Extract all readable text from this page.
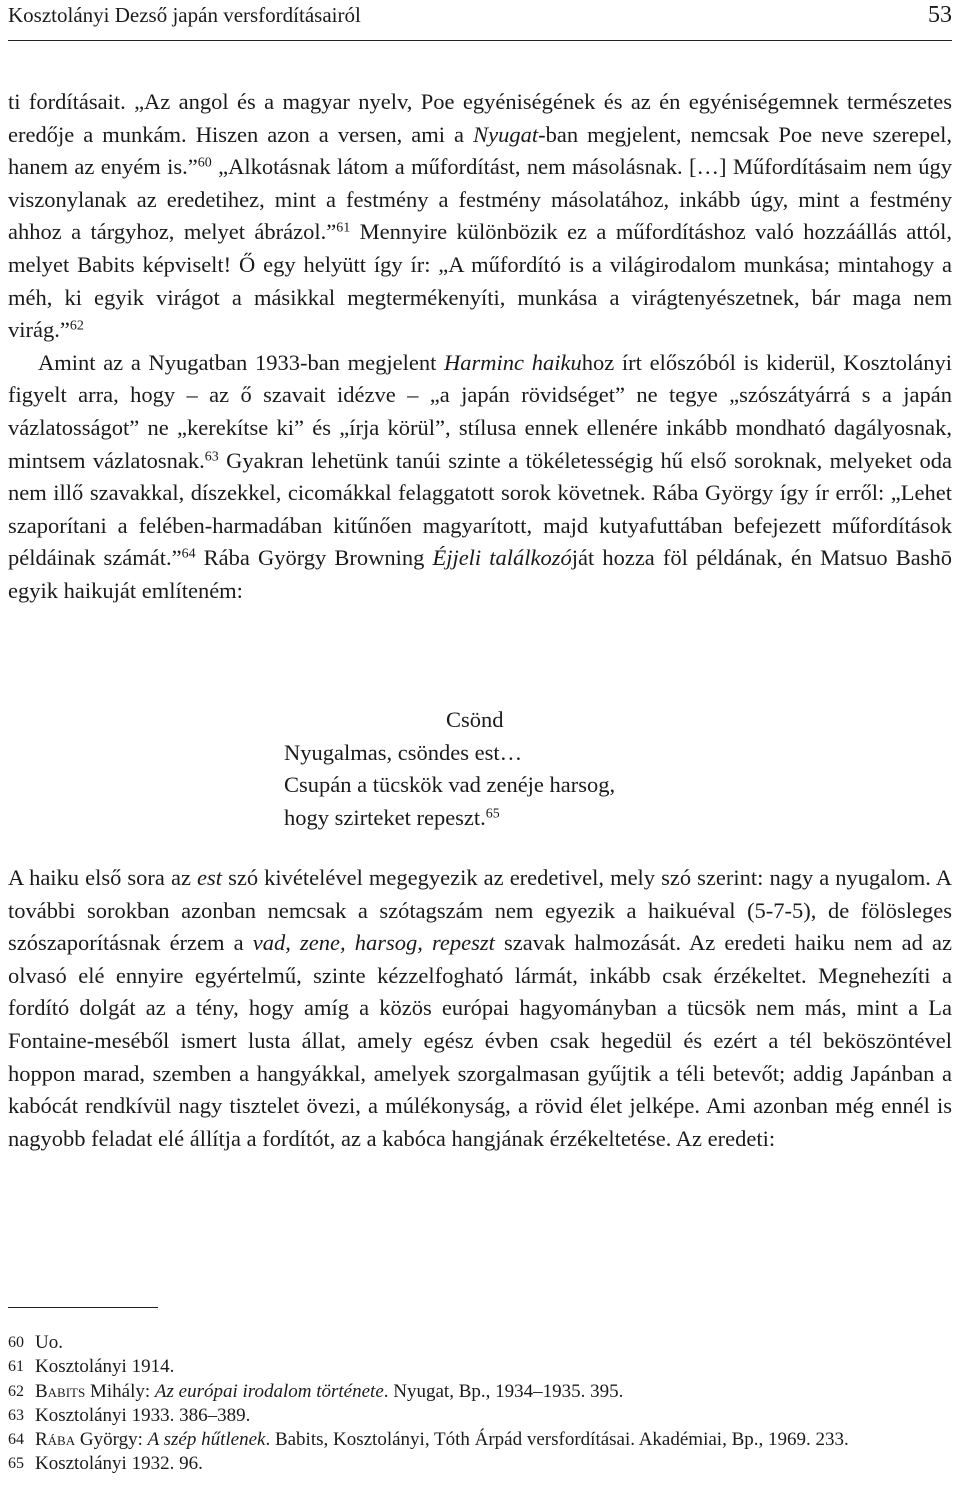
Kosztolányi Dezső japán versfordításairól	53

ti fordításait. „Az angol és a magyar nyelv, Poe egyéniségének és az én egyéniségemnek természetes eredője a munkám. Hiszen azon a versen, ami a Nyugat-ban megjelent, nemcsak Poe neve szerepel, hanem az enyém is.”$^{60}$ „Alkotásnak látom a műfordítást, nem másolásnak. […] Műfordításaim nem úgy viszonylanak az eredetihez, mint a festmény a festmény másolatához, inkább úgy, mint a festmény ahhoz a tárgyhoz, melyet ábrázol.”$^{61}$ Mennyire különbözik ez a műfordításhoz való hozzáállás attól, melyet Babits képviselt! Ő egy helyütt így ír: „A műfordító is a világirodalom munkása; mintahogy a méh, ki egyik virágot a másikkal megtermékenyíti, munkása a virágtenyészetnek, bár maga nem virág.”$^{62}$

Amint az a Nyugatban 1933-ban megjelent Harminc haikuhoz írt előszóból is kiderül, Kosztolányi figyelt arra, hogy – az ő szavait idézve – „a japán rövidséget” ne tegye „szószátyárrá s a japán vázlatosságot” ne „kerekítse ki” és „írja körül”, stílusa ennek ellenére inkább mondható dagályosnak, mintsem vázlatosnak.$^{63}$ Gyakran lehetünk tanúi szinte a tökéletességig hű első soroknak, melyeket oda nem illő szavakkal, díszekkel, cicomákkal felaggatott sorok követnek. Rába György így ír erről: „Lehet szaporítani a felében-harmadában kitűnően magyarított, majd kutyafuttában befejezett műfordítások példáinak számát.”$^{64}$ Rába György Browning Éjjeli találkozóját hozza föl példának, én Matsuo Bashō egyik haikuját említeném:

Csönd
Nyugalmas, csöndes est…
Csupán a tücskök vad zenéje harsog,
hogy szirteket repeszt.$^{65}$

A haiku első sora az est szó kivételével megegyezik az eredetivel, mely szó szerint: nagy a nyugalom. A további sorokban azonban nemcsak a szótagszám nem egyezik a haikuéval (5-7-5), de fölösleges szószaporításnak érzem a vad, zene, harsog, repeszt szavak halmozását. Az eredeti haiku nem ad az olvasó elé ennyire egyértelmű, szinte kézzelfogható lármát, inkább csak érzékeltet. Megnehezíti a fordító dolgát az a tény, hogy amíg a közös európai hagyományban a tücsök nem más, mint a La Fontaine-meséből ismert lusta állat, amely egész évben csak hegedül és ezért a tél beköszöntével hoppon marad, szemben a hangyákkal, amelyek szorgalmasan gyűjtik a téli betevőt; addig Japánban a kabócát rendkívül nagy tisztelet övezi, a múlékonyság, a rövid élet jelképe. Ami azonban még ennél is nagyobb feladat elé állítja a fordítót, az a kabóca hangjának érzékeltetése. Az eredeti:

60 Uo.
61 Kosztolányi 1914.
62 Babits Mihály: Az európai irodalom története. Nyugat, Bp., 1934–1935. 395.
63 Kosztolányi 1933. 386–389.
64 Rába György: A szép hűtlenek. Babits, Kosztolányi, Tóth Árpád versfordításai. Akadémiai, Bp., 1969. 233.
65 Kosztolányi 1932. 96.
